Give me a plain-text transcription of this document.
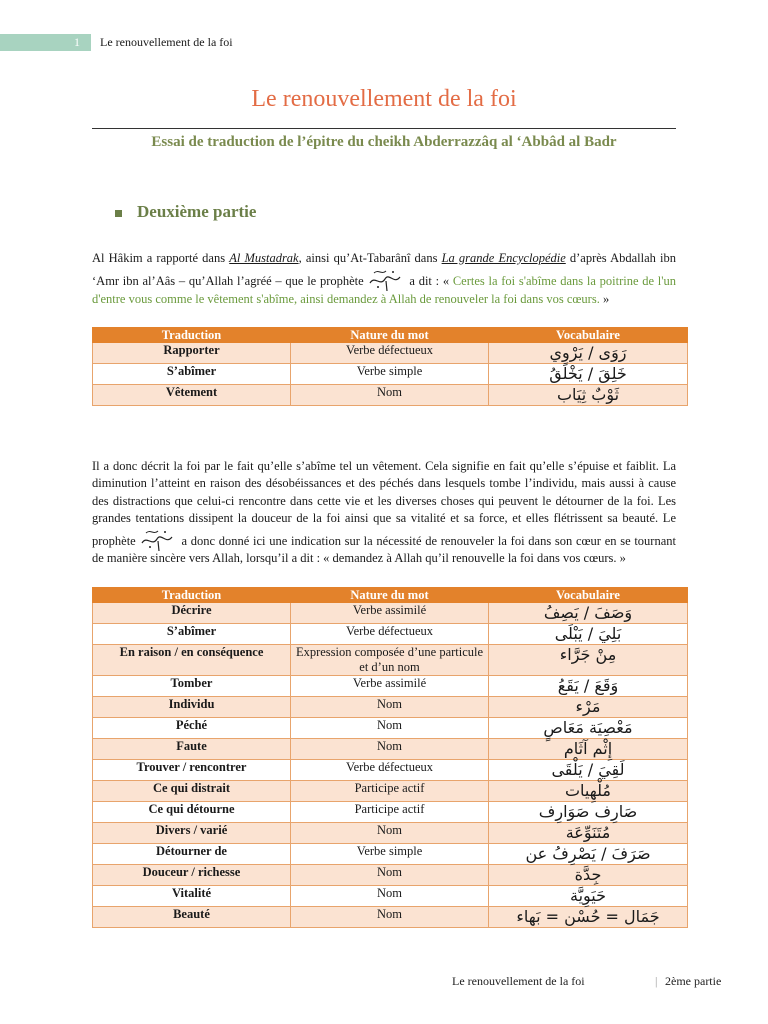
1 Le renouvellement de la foi
Le renouvellement de la foi
Essai de traduction de l’épitre du cheikh Abderrazzâq al ‘Abbâd al Badr
Deuxième partie
Al Hâkim a rapporté dans Al Mustadrak, ainsi qu’At-Tabarânî dans La grande Encyclopédie d’après Abdallah ibn ‘Amr ibn al’Aâs – qu’Allah l’agréé – que le prophète	a dit : « Certes la foi s'abîme dans la poitrine de l'un d'entre vous comme le vêtement s'abîme, ainsi demandez à Allah de renouveler la foi dans vos cœurs. »
Traduction	Nature du mot	Vocabulaire
Rapporter	Verbe défectueux	رَوَى / يَرْوِي
S’abîmer	Verbe simple	خَلِقَ / يَخْلَقُ
Vêtement	Nom	ثَوْبٌ ثِيَاب
Il a donc décrit la foi par le fait qu’elle s’abîme tel un vêtement. Cela signifie en fait qu’elle s’épuise et faiblit. La diminution l’atteint en raison des désobéissances et des péchés dans lesquels tombe l’individu, mais aussi à cause des distractions que celui-ci rencontre dans cette vie et les diverses choses qui peuvent le détourner de la foi. Les grandes tentations dissipent la douceur de la foi ainsi que sa vitalité et sa force, et elles flétrissent sa beauté. Le prophète	a donc donné ici une indication sur la nécessité de renouveler la foi dans son cœur en se tournant de manière sincère vers Allah, lorsqu’il a dit : « demandez à Allah qu’il renouvelle la foi dans vos cœurs. »
Traduction	Nature du mot	Vocabulaire
Décrire	Verbe assimilé	وَصَفَ / يَصِفُ
S’abîmer	Verbe défectueux	بَلِيَ / يَبْلَى
En raison / en conséquence	Expression composée d’une particule et d’un nom	مِنْ جَرَّاء
Tomber	Verbe assimilé	وَقَعَ / يَقَعُ
Individu	Nom	مَرْء
Péché	Nom	مَعْصِيَة مَعَاصٍ
Faute	Nom	إِثْم آثَام
Trouver / rencontrer	Verbe défectueux	لَقِيَ / يَلْقَى
Ce qui distrait	Participe actif	مُلْهِيات
Ce qui détourne	Participe actif	صَارِف صَوَارِف
Divers / varié	Nom	مُتَنَوِّعَة
Détourner de	Verbe simple	صَرَفَ / يَصْرِفُ عن
Douceur / richesse	Nom	جِدَّة
Vitalité	Nom	حَيَوِيَّة
Beauté	Nom	جَمَال = حُسْن = بَهاء
Le renouvellement de la foi	| 2ème partie
